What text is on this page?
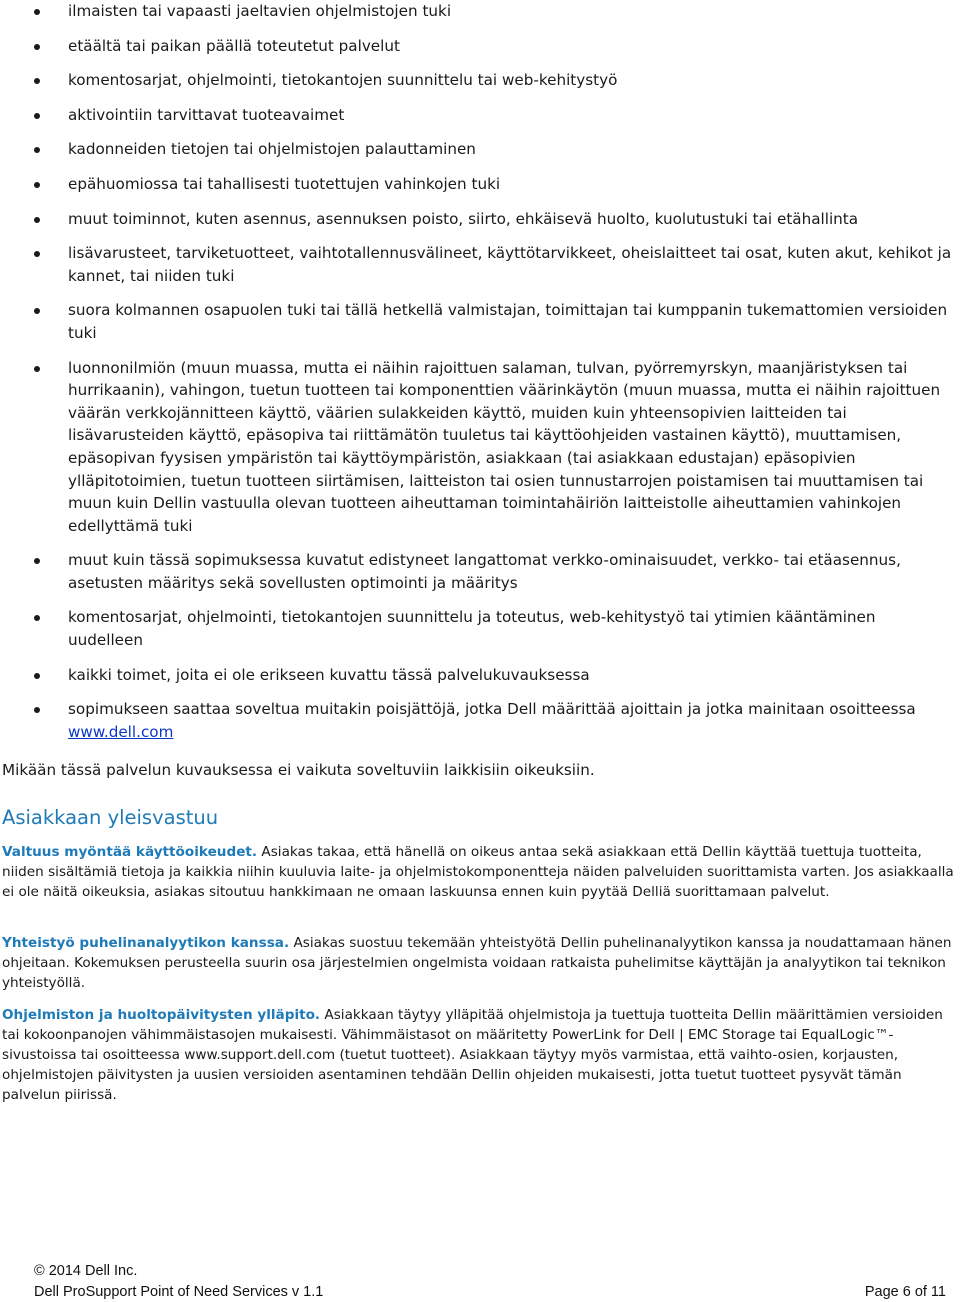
ilmaisten tai vapaasti jaeltavien ohjelmistojen tuki
etäältä tai paikan päällä toteutetut palvelut
komentosarjat, ohjelmointi, tietokantojen suunnittelu tai web-kehitystyö
aktivointiin tarvittavat tuoteavaimet
kadonneiden tietojen tai ohjelmistojen palauttaminen
epähuomiossa tai tahallisesti tuotettujen vahinkojen tuki
muut toiminnot, kuten asennus, asennuksen poisto, siirto, ehkäisevä huolto, kuolutustuki tai etähallinta
lisävarusteet, tarviketuotteet, vaihtotallennusvälineet, käyttötarvikkeet, oheislaitteet tai osat, kuten akut, kehikot ja kannet, tai niiden tuki
suora kolmannen osapuolen tuki tai tällä hetkellä valmistajan, toimittajan tai kumppanin tukemattomien versioiden tuki
luonnonilmiön (muun muassa, mutta ei näihin rajoittuen salaman, tulvan, pyörremyrskyn, maanjäristyksen tai hurrikaanin), vahingon, tuetun tuotteen tai komponenttien väärinkäytön (muun muassa, mutta ei näihin rajoittuen väärän verkkojännitteen käyttö, väärien sulakkeiden käyttö, muiden kuin yhteensopivien laitteiden tai lisävarusteiden käyttö, epäsopiva tai riittämätön tuuletus tai käyttöohjeiden vastainen käyttö), muuttamisen, epäsopivan fyysisen ympäristön tai käyttöympäristön, asiakkaan (tai asiakkaan edustajan) epäsopivien ylläpitotoimien, tuetun tuotteen siirtämisen, laitteiston tai osien tunnustarrojen poistamisen tai muuttamisen tai muun kuin Dellin vastuulla olevan tuotteen aiheuttaman toimintahäiriön laitteistolle aiheuttamien vahinkojen edellyttämä tuki
muut kuin tässä sopimuksessa kuvatut edistyneet langattomat verkko-ominaisuudet, verkko- tai etäasennus, asetusten määritys sekä sovellusten optimointi ja määritys
komentosarjat, ohjelmointi, tietokantojen suunnittelu ja toteutus, web-kehitystyö tai ytimien kääntäminen uudelleen
kaikki toimet, joita ei ole erikseen kuvattu tässä palvelukuvauksessa
sopimukseen saattaa soveltua muitakin poisjättöjä, jotka Dell määrittää ajoittain ja jotka mainitaan osoitteessa www.dell.com
Mikään tässä palvelun kuvauksessa ei vaikuta soveltuviin laikkisiin oikeuksiin.
Asiakkaan yleisvastuu

Valtuus myöntää käyttöoikeudet. Asiakas takaa, että hänellä on oikeus antaa sekä asiakkaan että Dellin käyttää tuettuja tuotteita, niiden sisältämiä tietoja ja kaikkia niihin kuuluvia laite- ja ohjelmistokomponentteja näiden palveluiden suorittamista varten. Jos asiakkaalla ei ole näitä oikeuksia, asiakas sitoutuu hankkimaan ne omaan laskuunsa ennen kuin pyytää Delliä suorittamaan palvelut.

Yhteistyö puhelinanalyytikon kanssa. Asiakas suostuu tekemään yhteistyötä Dellin puhelinanalyytikon kanssa ja noudattamaan hänen ohjeitaan. Kokemuksen perusteella suurin osa järjestelmien ongelmista voidaan ratkaista puhelimitse käyttäjän ja analyytikon tai teknikon yhteistyöllä.

Ohjelmiston ja huoltopäivitysten ylläpito. Asiakkaan täytyy ylläpitää ohjelmistoja ja tuettuja tuotteita Dellin määrittämien versioiden tai kokoonpanojen vähimmäistasojen mukaisesti. Vähimmäistasot on määritetty PowerLink for Dell | EMC Storage tai EqualLogic™-sivustoissa tai osoitteessa www.support.dell.com (tuetut tuotteet). Asiakkaan täytyy myös varmistaa, että vaihto-osien, korjausten, ohjelmistojen päivitysten ja uusien versioiden asentaminen tehdään Dellin ohjeiden mukaisesti, jotta tuetut tuotteet pysyvät tämän palvelun piirissä.

© 2014 Dell Inc.
Dell ProSupport Point of Need Services v 1.1	Page 6 of 11
